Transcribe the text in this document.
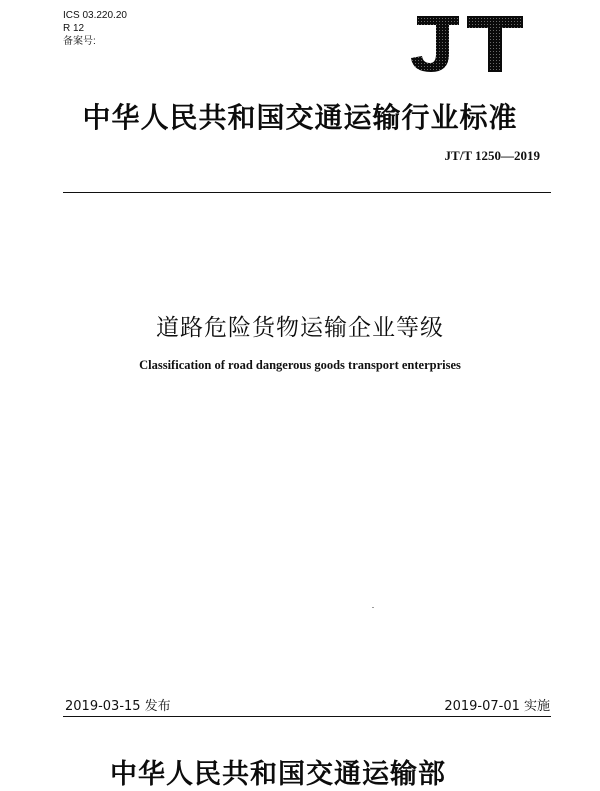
ICS 03.220.20
R 12
备案号:
JT
中华人民共和国交通运输行业标准
JT/T 1250—2019
道路危险货物运输企业等级
Classification of road dangerous goods transport enterprises
2019-03-15 发布	2019-07-01 实施
中华人民共和国交通运输部
